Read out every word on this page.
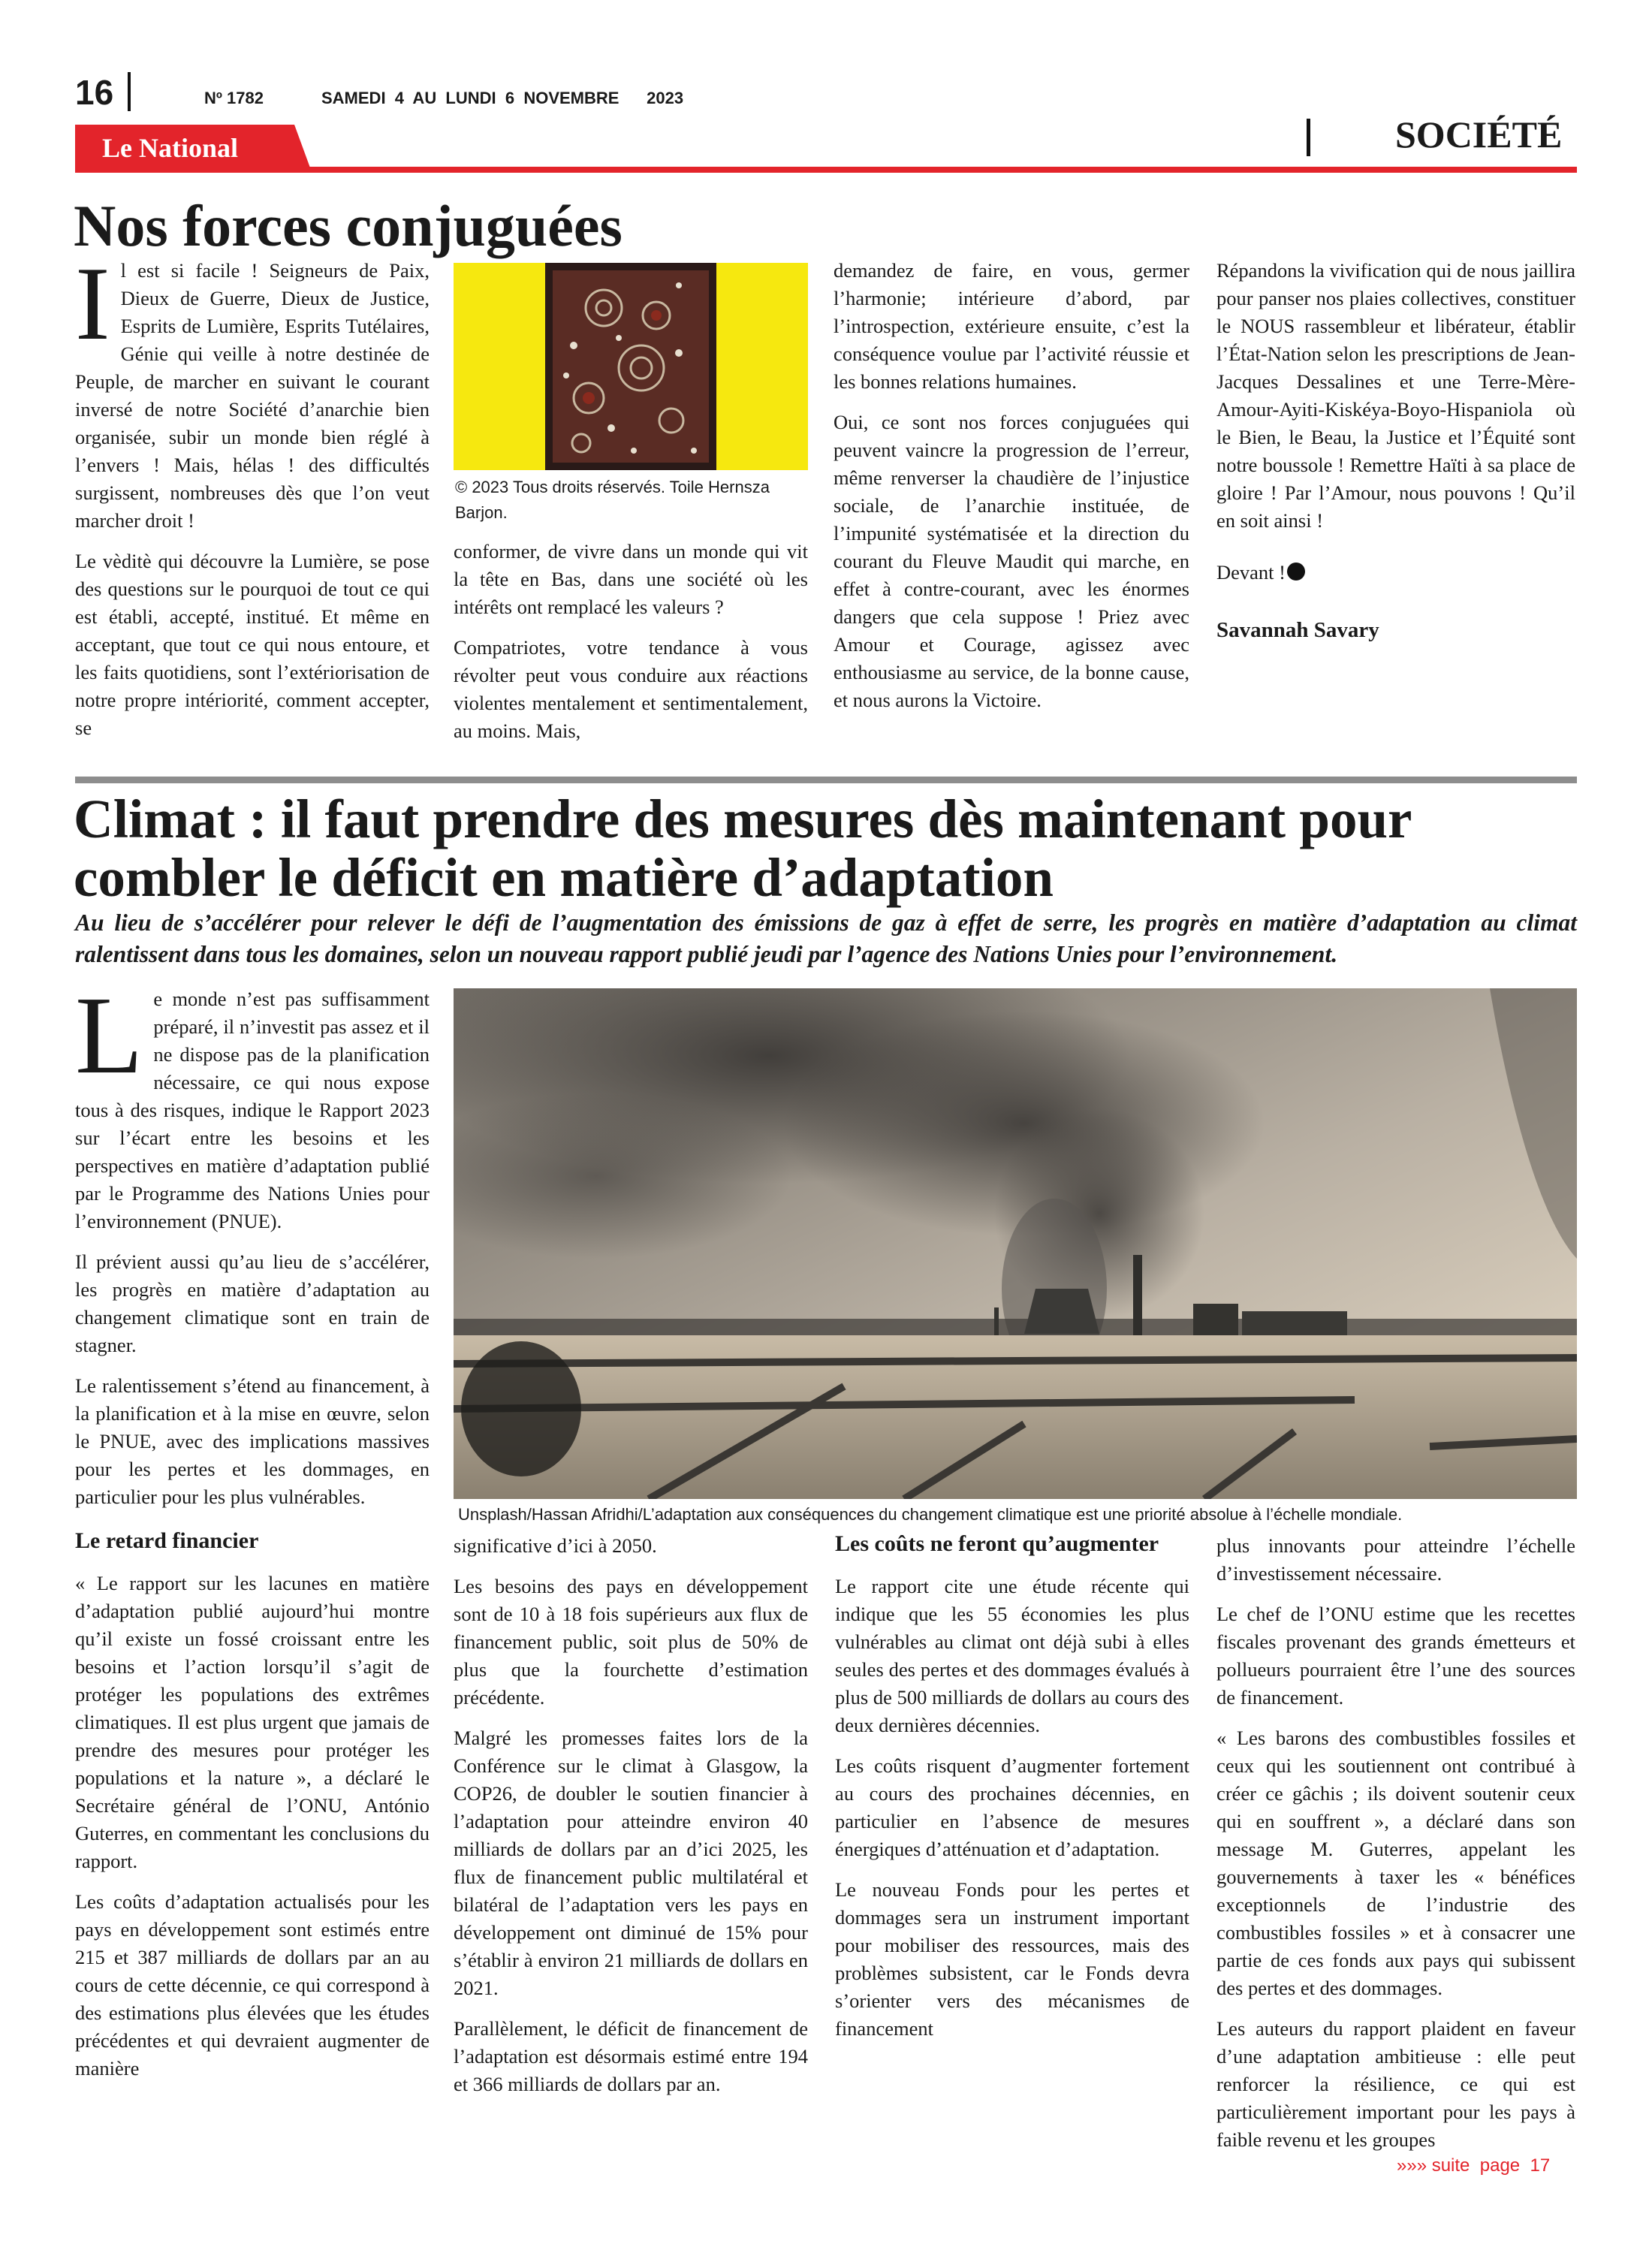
16	Nº 1782	SAMEDI  4  AU  LUNDI  6  NOVEMBRE      2023
Le National	SOCIÉTÉ
Nos forces conjuguées
I l est si facile ! Seigneurs de Paix, Dieux de Guerre, Dieux de Justice, Esprits de Lumière, Esprits Tutélaires, Génie qui veille à notre destinée de Peuple, de marcher en suivant le courant inversé de notre Société d’anarchie bien organisée, subir un monde bien réglé à l’envers ! Mais, hélas ! des difficultés surgissent, nombreuses dès que l’on veut marcher droit !

Le vèditè qui découvre la Lumière, se pose des questions sur le pourquoi de tout ce qui est établi, accepté, institué. Et même en acceptant, que tout ce qui nous entoure, et les faits quotidiens, sont l’extériorisation de notre propre intériorité, comment accepter, se

© 2023 Tous droits réservés. Toile Hernsza Barjon.

conformer, de vivre dans un monde qui vit la tête en Bas, dans une société où les intérêts ont remplacé les valeurs ?

Compatriotes, votre tendance à vous révolter peut vous conduire aux réactions violentes mentalement et sentimentalement, au moins. Mais,

demandez de faire, en vous, germer l’harmonie; intérieure d’abord, par l’introspection, extérieure ensuite, c’est la conséquence voulue par l’activité réussie et les bonnes relations humaines.

Oui, ce sont nos forces conjuguées qui peuvent vaincre la progression de l’erreur, même renverser la chaudière de l’injustice sociale, de l’anarchie instituée, de l’impunité systématisée et la direction du courant du Fleuve Maudit qui marche, en effet à contre-courant, avec les énormes dangers que cela suppose ! Priez avec Amour et Courage, agissez avec enthousiasme au service, de la bonne cause, et nous aurons la Victoire.

Répandons la vivification qui de nous jaillira pour panser nos plaies collectives, constituer le NOUS rassembleur et libérateur, établir l’État-Nation selon les prescriptions de Jean-Jacques Dessalines et une Terre-Mère-Amour-Ayiti-Kiskéya-Boyo-Hispaniola où le Bien, le Beau, la Justice et l’Équité sont notre boussole ! Remettre Haïti à sa place de gloire ! Par l’Amour, nous pouvons ! Qu’il en soit ainsi !

Devant !

Savannah Savary

Climat : il faut prendre des mesures dès maintenant pour
combler le déficit en matière d’adaptation
Au lieu de s’accélérer pour relever le défi de l’augmentation des émissions de gaz à effet de serre, les progrès en matière d’adaptation au climat ralentissent dans tous les domaines, selon un nouveau rapport publié jeudi par l’agence des Nations Unies pour l’environnement.
L e monde n’est pas suffisamment préparé, il n’investit pas assez et il ne dispose pas de la planification nécessaire, ce qui nous expose tous à des risques, indique le Rapport 2023 sur l’écart entre les besoins et les perspectives en matière d’adaptation publié par le Programme des Nations Unies pour l’environnement (PNUE).

Il prévient aussi qu’au lieu de s’accélérer, les progrès en matière d’adaptation au changement climatique sont en train de stagner.

Le ralentissement s’étend au financement, à la planification et à la mise en œuvre, selon le PNUE, avec des implications massives pour les pertes et les dommages, en particulier pour les plus vulnérables.

Le retard financier

« Le rapport sur les lacunes en matière d’adaptation publié aujourd’hui montre qu’il existe un fossé croissant entre les besoins et l’action lorsqu’il s’agit de protéger les populations des extrêmes climatiques. Il est plus urgent que jamais de prendre des mesures pour protéger les populations et la nature », a déclaré le Secrétaire général de l’ONU, António Guterres, en commentant les conclusions du rapport.

Les coûts d’adaptation actualisés pour les pays en développement sont estimés entre 215 et 387 milliards de dollars par an au cours de cette décennie, ce qui correspond à des estimations plus élevées que les études précédentes et qui devraient augmenter de manière

Unsplash/Hassan Afridhi/L’adaptation aux conséquences du changement climatique est une priorité absolue à l’échelle mondiale.

significative d’ici à 2050.

Les besoins des pays en développement sont de 10 à 18 fois supérieurs aux flux de financement public, soit plus de 50% de plus que la fourchette d’estimation précédente.

Malgré les promesses faites lors de la Conférence sur le climat à Glasgow, la COP26, de doubler le soutien financier à l’adaptation pour atteindre environ 40 milliards de dollars par an d’ici 2025, les flux de financement public multilatéral et bilatéral de l’adaptation vers les pays en développement ont diminué de 15% pour s’établir à environ 21 milliards de dollars en 2021.

Parallèlement, le déficit de financement de l’adaptation est désormais estimé entre 194 et 366 milliards de dollars par an.

Les coûts ne feront qu’augmenter

Le rapport cite une étude récente qui indique que les 55 économies les plus vulnérables au climat ont déjà subi à elles seules des pertes et des dommages évalués à plus de 500 milliards de dollars au cours des deux dernières décennies.

Les coûts risquent d’augmenter fortement au cours des prochaines décennies, en particulier en l’absence de mesures énergiques d’atténuation et d’adaptation.

Le nouveau Fonds pour les pertes et dommages sera un instrument important pour mobiliser des ressources, mais des problèmes subsistent, car le Fonds devra s’orienter vers des mécanismes de financement

plus innovants pour atteindre l’échelle d’investissement nécessaire.

Le chef de l’ONU estime que les recettes fiscales provenant des grands émetteurs et pollueurs pourraient être l’une des sources de financement.

« Les barons des combustibles fossiles et ceux qui les soutiennent ont contribué à créer ce gâchis ; ils doivent soutenir ceux qui en souffrent », a déclaré dans son message M. Guterres, appelant les gouvernements à taxer les « bénéfices exceptionnels de l’industrie des combustibles fossiles » et à consacrer une partie de ces fonds aux pays qui subissent des pertes et des dommages.

Les auteurs du rapport plaident en faveur d’une adaptation ambitieuse : elle peut renforcer la résilience, ce qui est particulièrement important pour les pays à faible revenu et les groupes

»»» suite  page  17
